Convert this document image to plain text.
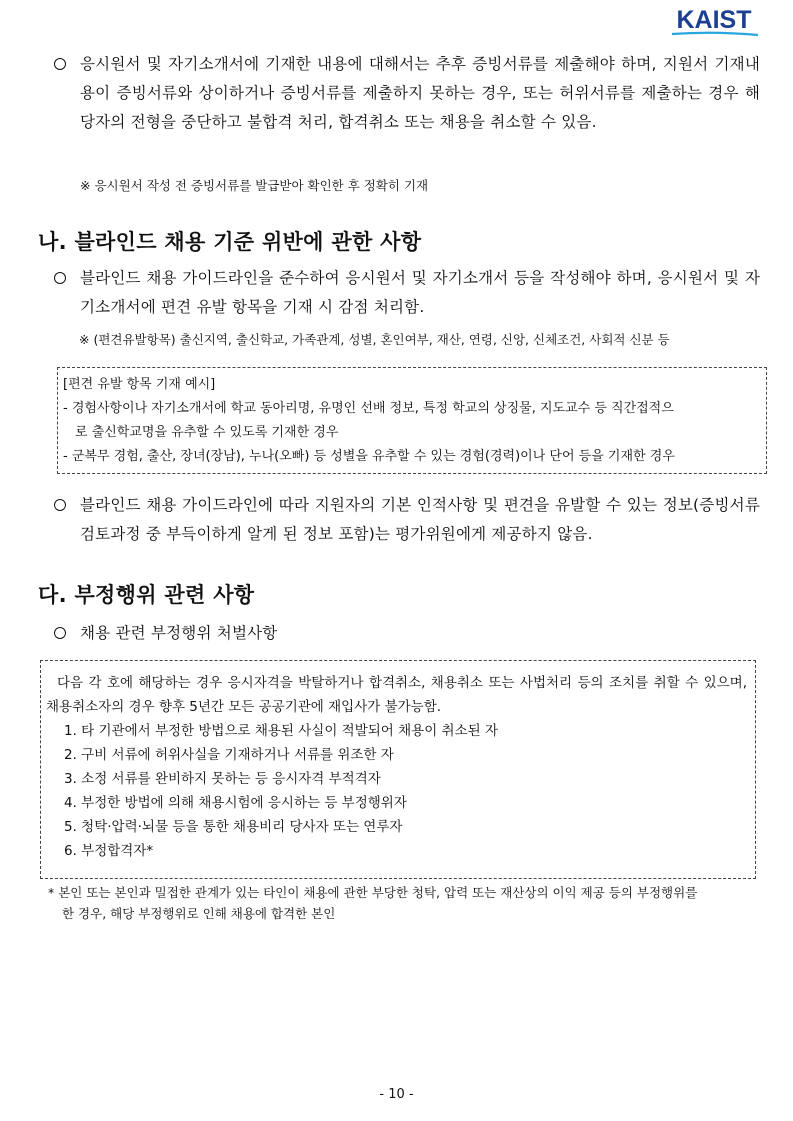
KAIST
응시원서 및 자기소개서에 기재한 내용에 대해서는 추후 증빙서류를 제출해야 하며, 지원서 기재내용이 증빙서류와 상이하거나 증빙서류를 제출하지 못하는 경우, 또는 허위서류를 제출하는 경우 해당자의 전형을 중단하고 불합격 처리, 합격취소 또는 채용을 취소할 수 있음.
※ 응시원서 작성 전 증빙서류를 발급받아 확인한 후 정확히 기재
나. 블라인드 채용 기준 위반에 관한 사항
블라인드 채용 가이드라인을 준수하여 응시원서 및 자기소개서 등을 작성해야 하며, 응시원서 및 자기소개서에 편견 유발 항목을 기재 시 감점 처리함.
※ (편견유발항목) 출신지역, 출신학교, 가족관계, 성별, 혼인여부, 재산, 연령, 신앙, 신체조건, 사회적 신분 등
[편견 유발 항목 기재 예시]
- 경험사항이나 자기소개서에 학교 동아리명, 유명인 선배 정보, 특정 학교의 상징물, 지도교수 등 직간접적으
로 출신학교명을 유추할 수 있도록 기재한 경우
- 군복무 경험, 출산, 장녀(장남), 누나(오빠) 등 성별을 유추할 수 있는 경험(경력)이나 단어 등을 기재한 경우
블라인드 채용 가이드라인에 따라 지원자의 기본 인적사항 및 편견을 유발할 수 있는 정보(증빙서류 검토과정 중 부득이하게 알게 된 정보 포함)는 평가위원에게 제공하지 않음.
다. 부정행위 관련 사항
채용 관련 부정행위 처벌사항

다음 각 호에 해당하는 경우 응시자격을 박탈하거나 합격취소, 채용취소 또는 사법처리 등의 조치를 취할 수 있으며, 채용취소자의 경우 향후 5년간 모든 공공기관에 재입사가 불가능함.

1. 타 기관에서 부정한 방법으로 채용된 사실이 적발되어 채용이 취소된 자
2. 구비 서류에 허위사실을 기재하거나 서류를 위조한 자
3. 소정 서류를 완비하지 못하는 등 응시자격 부적격자
4. 부정한 방법에 의해 채용시험에 응시하는 등 부정행위자
5. 청탁·압력·뇌물 등을 통한 채용비리 당사자 또는 연루자
6. 부정합격자*
* 본인 또는 본인과 밀접한 관계가 있는 타인이 채용에 관한 부당한 청탁, 압력 또는 재산상의 이익 제공 등의 부정행위를
한 경우, 해당 부정행위로 인해 채용에 합격한 본인
- 10 -
